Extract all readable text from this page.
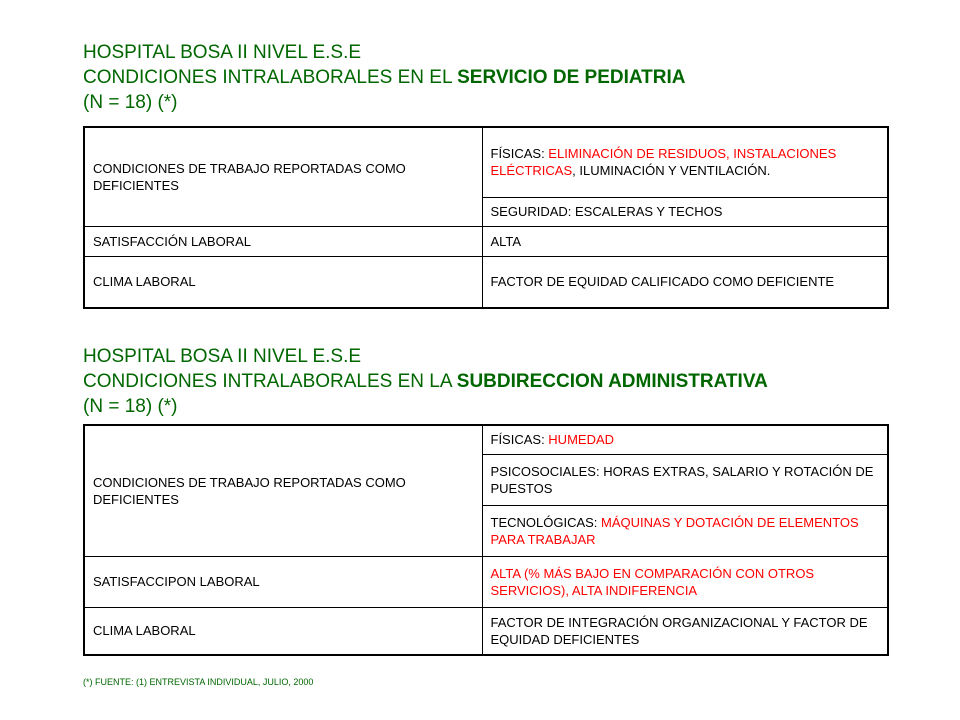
HOSPITAL BOSA II NIVEL E.S.E
CONDICIONES INTRALABORALES EN EL SERVICIO DE PEDIATRIA
(N = 18) (*)
CONDICIONES DE TRABAJO REPORTADAS COMO DEFICIENTES	FÍSICAS: ELIMINACIÓN DE RESIDUOS, INSTALACIONES ELÉCTRICAS, ILUMINACIÓN Y VENTILACIÓN.
	SEGURIDAD: ESCALERAS Y TECHOS
SATISFACCIÓN LABORAL	ALTA
CLIMA LABORAL	FACTOR DE EQUIDAD CALIFICADO COMO DEFICIENTE
HOSPITAL BOSA II NIVEL E.S.E
CONDICIONES INTRALABORALES EN LA SUBDIRECCION ADMINISTRATIVA
(N = 18) (*)
CONDICIONES DE TRABAJO REPORTADAS COMO DEFICIENTES	FÍSICAS: HUMEDAD
	PSICOSOCIALES: HORAS EXTRAS, SALARIO Y ROTACIÓN DE PUESTOS
	TECNOLÓGICAS: MÁQUINAS Y DOTACIÓN DE ELEMENTOS PARA TRABAJAR
SATISFACCIPON LABORAL	ALTA (% MÁS BAJO EN COMPARACIÓN CON OTROS SERVICIOS), ALTA INDIFERENCIA
CLIMA LABORAL	FACTOR DE INTEGRACIÓN ORGANIZACIONAL Y FACTOR DE EQUIDAD DEFICIENTES

(*) FUENTE: (1) ENTREVISTA INDIVIDUAL, JULIO, 2000
